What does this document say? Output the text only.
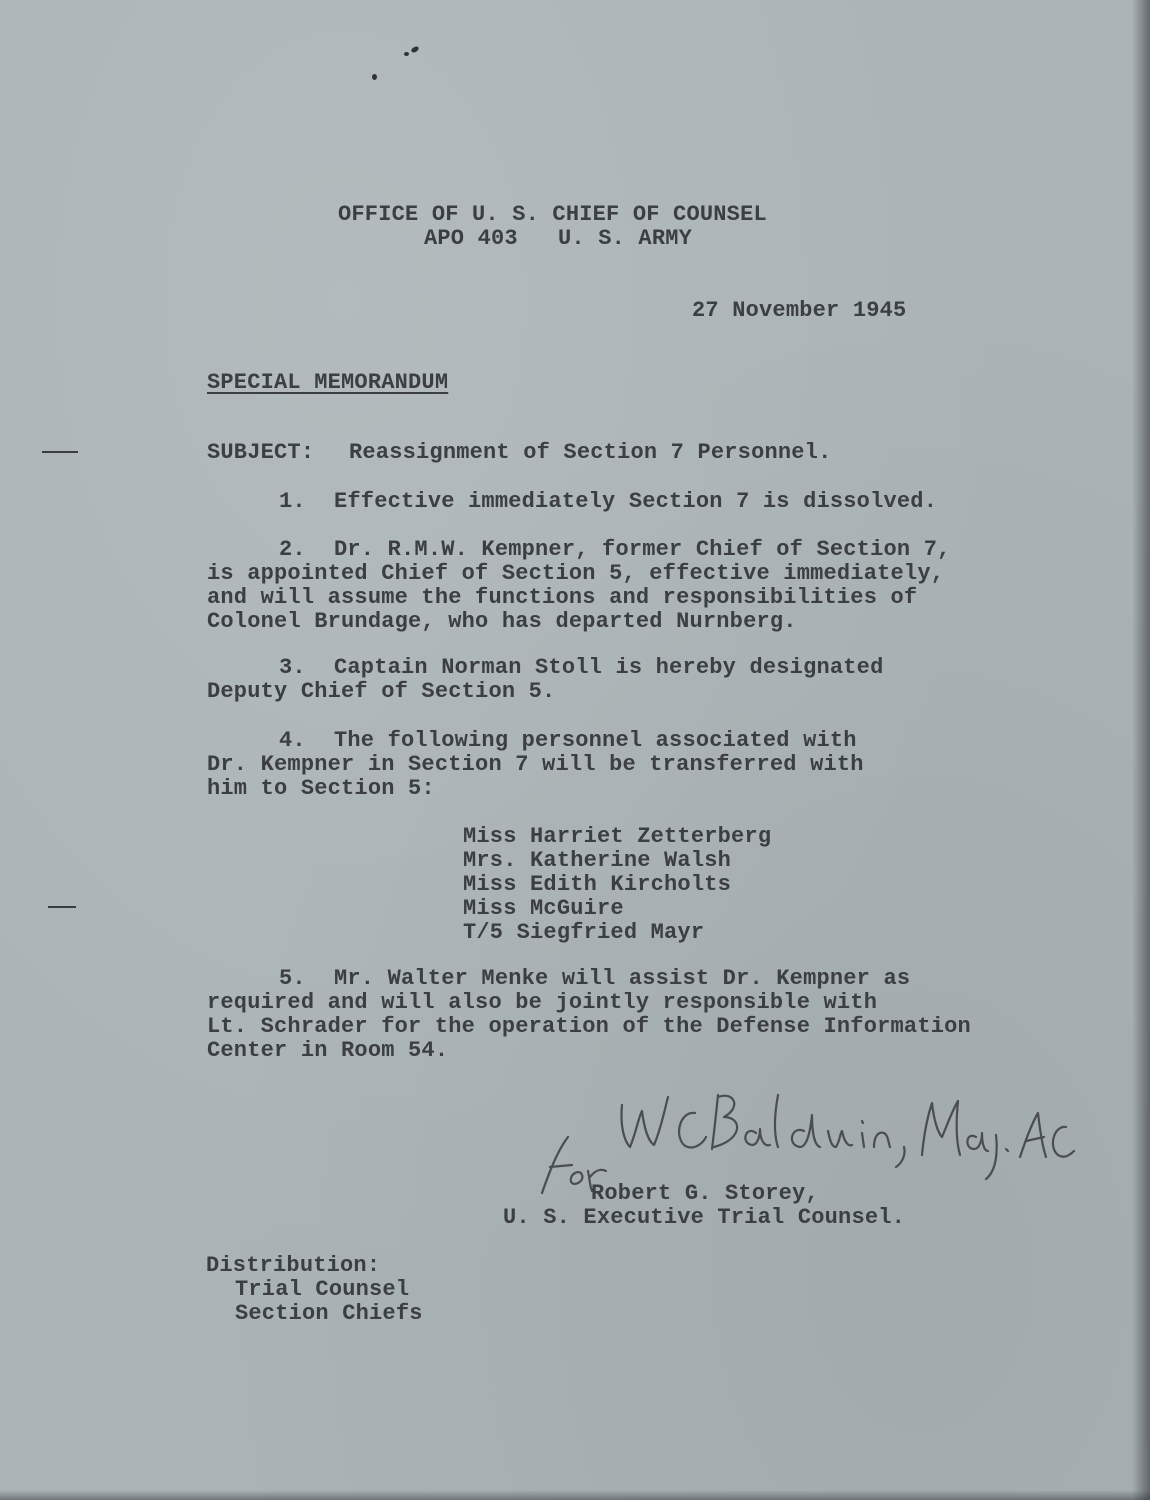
OFFICE OF U. S. CHIEF OF COUNSEL

APO 403   U. S. ARMY

27 November 1945

SPECIAL MEMORANDUM

SUBJECT: Reassignment of Section 7 Personnel.

1. Effective immediately Section 7 is dissolved.

2. Dr. R.M.W. Kempner, former Chief of Section 7,

is appointed Chief of Section 5, effective immediately,

and will assume the functions and responsibilities of

Colonel Brundage, who has departed Nurnberg.

3. Captain Norman Stoll is hereby designated

Deputy Chief of Section 5.

4. The following personnel associated with

Dr. Kempner in Section 7 will be transferred with

him to Section 5:

Miss Harriet Zetterberg

Mrs. Katherine Walsh

Miss Edith Kircholts

Miss McGuire

T/5 Siegfried Mayr

5. Mr. Walter Menke will assist Dr. Kempner as

required and will also be jointly responsible with

Lt. Schrader for the operation of the Defense Information

Center in Room 54.

Robert G. Storey,

U. S. Executive Trial Counsel.

Distribution:

Trial Counsel

Section Chiefs
